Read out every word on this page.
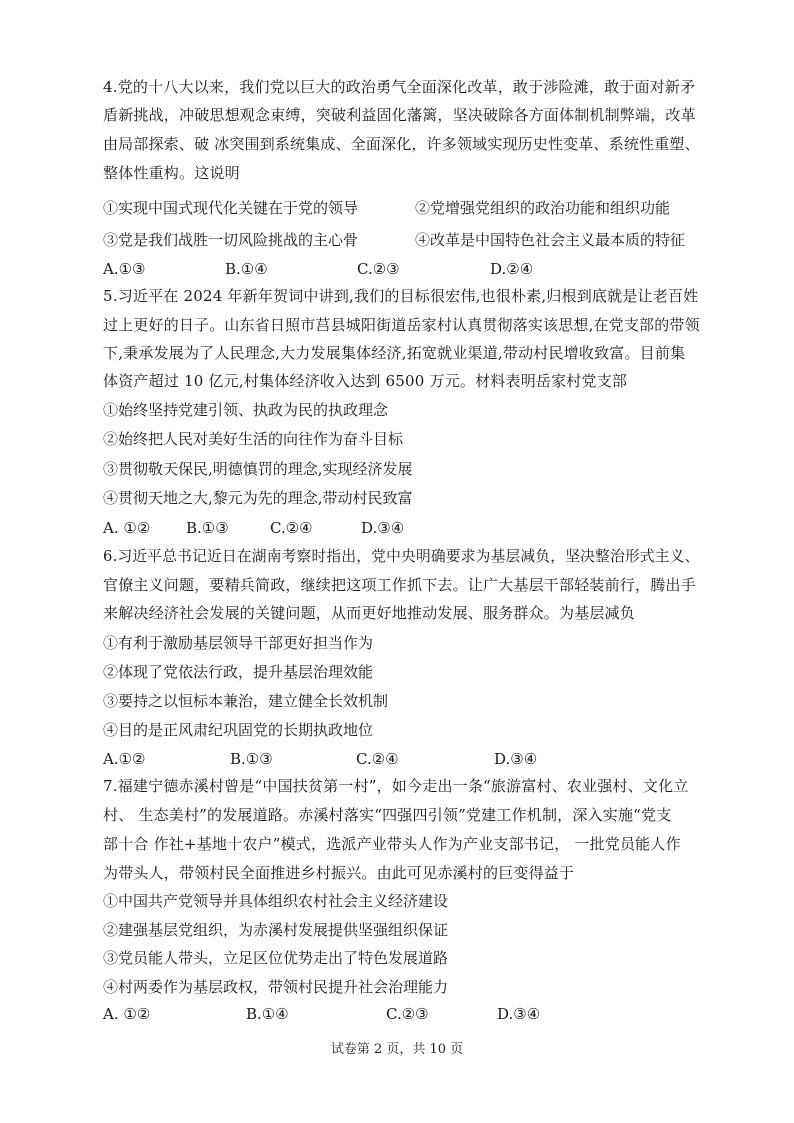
4.党的十八大以来，我们党以巨大的政治勇气全面深化改革，敢于涉险滩，敢于面对新矛
盾新挑战，冲破思想观念束缚，突破利益固化藩篱，坚决破除各方面体制机制弊端，改革
由局部探索、破 冰突围到系统集成、全面深化，许多领域实现历史性变革、系统性重塑、
整体性重构。这说明
①实现中国式现代化关键在于党的领导	②党增强党组织的政治功能和组织功能
③党是我们战胜一切风险挑战的主心骨	④改革是中国特色社会主义最本质的特征
A.①③	B.①④	C.②③	D.②④
5.习近平在 2024 年新年贺词中讲到,我们的目标很宏伟,也很朴素,归根到底就是让老百姓
过上更好的日子。山东省日照市莒县城阳街道岳家村认真贯彻落实该思想,在党支部的带领
下,秉承发展为了人民理念,大力发展集体经济,拓宽就业渠道,带动村民增收致富。目前集
体资产超过 10 亿元,村集体经济收入达到 6500 万元。材料表明岳家村党支部
①始终坚持党建引领、执政为民的执政理念
②始终把人民对美好生活的向往作为奋斗目标
③贯彻敬天保民,明德慎罚的理念,实现经济发展
④贯彻天地之大,黎元为先的理念,带动村民致富
A. ①② B.①③	C.②④	D.③④
6.习近平总书记近日在湖南考察时指出，党中央明确要求为基层减负，坚决整治形式主义、
官僚主义问题，要精兵简政，继续把这项工作抓下去。让广大基层干部轻装前行，腾出手
来解决经济社会发展的关键问题，从而更好地推动发展、服务群众。为基层减负
①有利于激励基层领导干部更好担当作为
②体现了党依法行政，提升基层治理效能
③要持之以恒标本兼治，建立健全长效机制
④目的是正风肃纪巩固党的长期执政地位
A.①②	B.①③	C.②④	D.③④
7.福建宁德赤溪村曾是“中国扶贫第一村”，如今走出一条“旅游富村、农业强村、文化立
村、 生态美村”的发展道路。赤溪村落实“四强四引领”党建工作机制，深入实施“党支
部十合 作社+基地十农户”模式，选派产业带头人作为产业支部书记， 一批党员能人作
为带头人，带领村民全面推进乡村振兴。由此可见赤溪村的巨变得益于
①中国共产党领导并具体组织农村社会主义经济建设
②建强基层党组织，为赤溪村发展提供坚强组织保证
③党员能人带头，立足区位优势走出了特色发展道路
④村两委作为基层政权，带领村民提升社会治理能力
A. ①②	B.①④	C.②③	D.③④
试卷第 2 页，共 10 页
